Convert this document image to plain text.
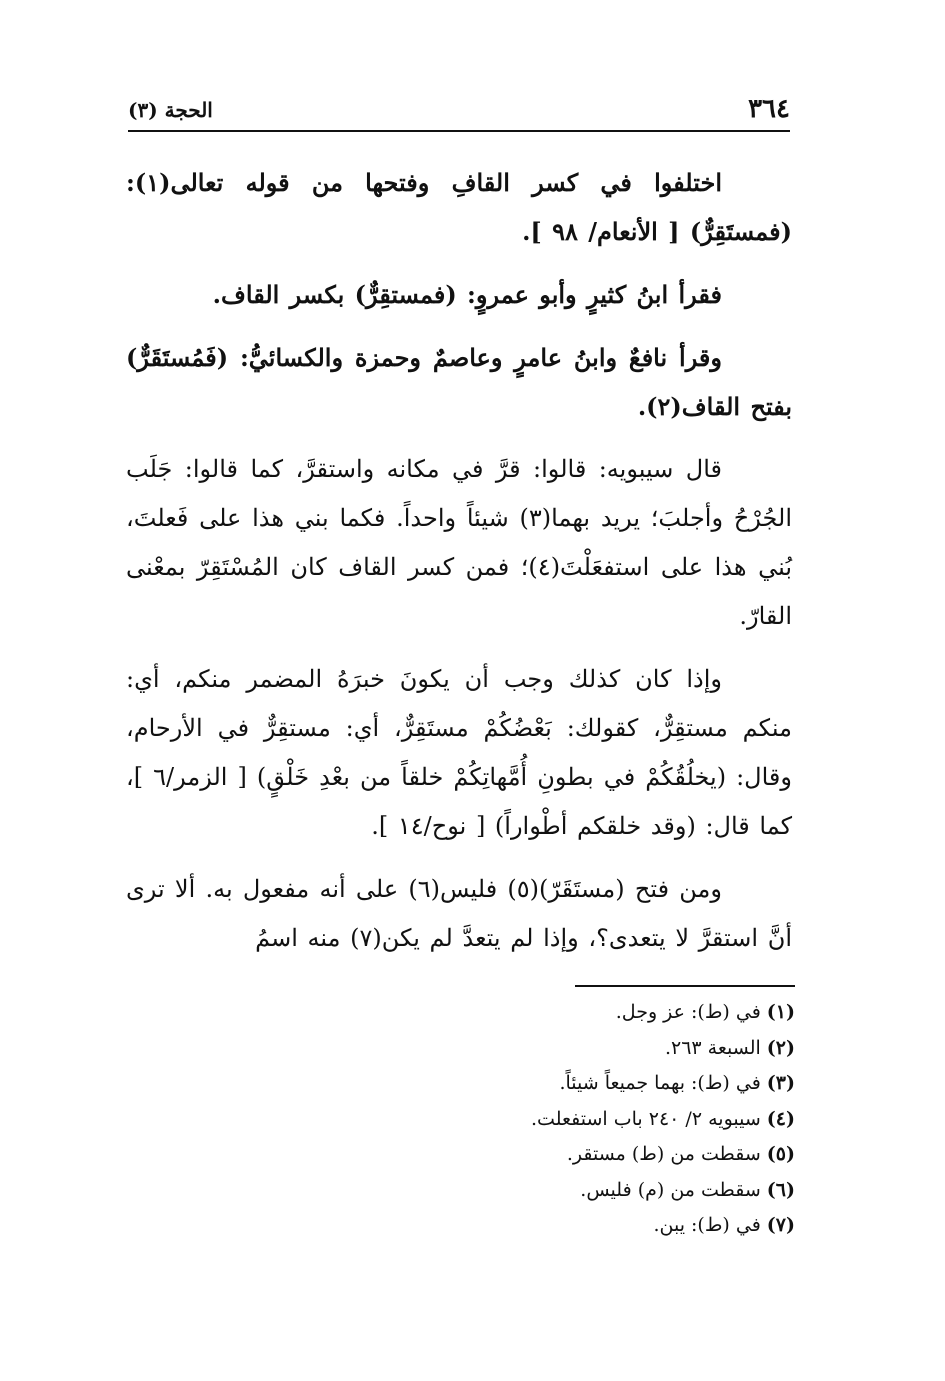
٣٦٤
الحجة (٣)

اختلفوا في كسر القافِ وفتحها من قوله تعالى(١): (فمستَقِرٌّ) [ الأنعام/ ٩٨ ].

فقرأ ابنُ كثيرٍ وأبو عمروٍ: (فمستقِرٌّ) بكسر القاف.

وقرأ نافعٌ وابنُ عامرٍ وعاصمٌ وحمزة والكسائيُّ: (فَمُستَقَرٌّ) بفتح القاف(٢).

قال سيبويه: قالوا: قرَّ في مكانه واستقرَّ، كما قالوا: جَلَب الجُرْحُ وأجلبَ؛ يريد بهما(٣) شيئاً واحداً. فكما بني هذا على فَعلتَ، بُني هذا على استفعَلْتَ(٤)؛ فمن كسر القاف كان المُسْتَقِرّ بمعْنى القارّ.

وإذا كان كذلك وجب أن يكونَ خبرَهُ المضمر منكم، أي: منكم مستقِرٌّ، كقولك: بَعْضُكُمْ مستَقِرٌّ، أي: مستقِرٌّ في الأرحام، وقال: (يخلُقُكُمْ في بطونِ أُمَّهاتِكُمْ خلقاً من بعْدِ خَلْقٍ) [ الزمر/٦ ]، كما قال: (وقد خلقكم أطْواراً) [ نوح/١٤ ].

ومن فتح (مستَقَرّ)(٥) فليس(٦) على أنه مفعول به. ألا ترى أنَّ استقرَّ لا يتعدى؟، وإذا لم يتعدَّ لم يكن(٧) منه اسمُ

(١)في (ط): عز وجل.
(٢)السبعة ٢٦٣.
(٣)في (ط): بهما جميعاً شيئاً.
(٤)سيبويه ٢/ ٢٤٠ باب استفعلت.
(٥)سقطت من (ط) مستقر.
(٦)سقطت من (م) فليس.
(٧)في (ط): يبن.
